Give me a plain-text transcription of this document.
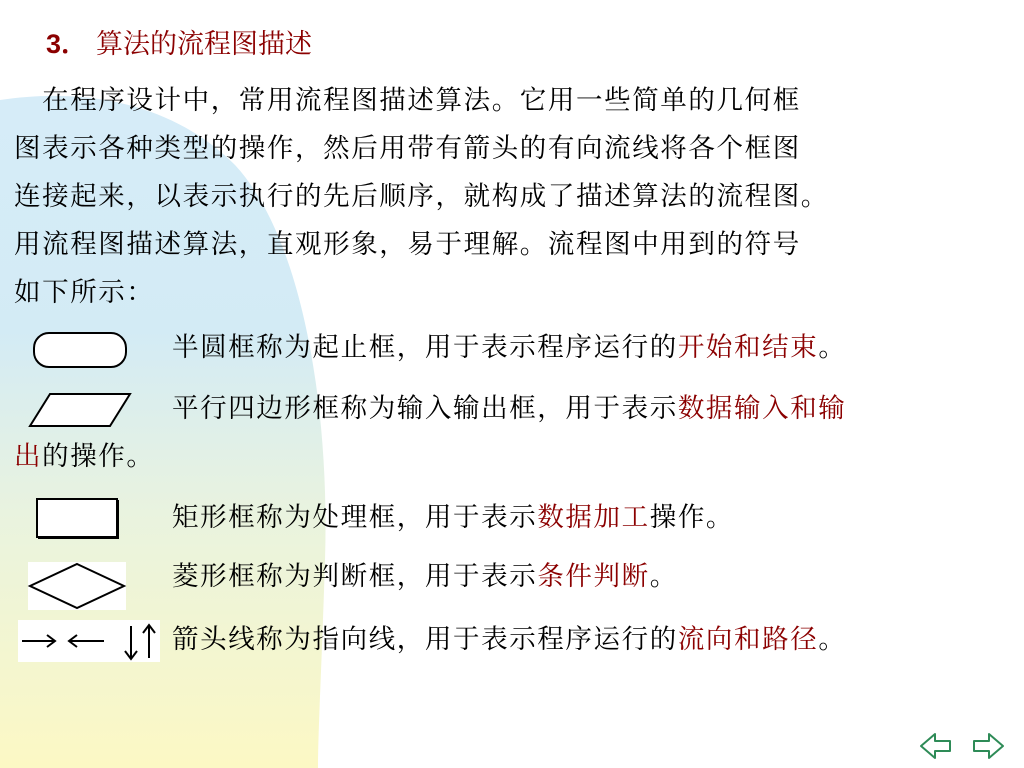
3． 算法的流程图描述
　在程序设计中，常用流程图描述算法。它用一些简单的几何框
图表示各种类型的操作，然后用带有箭头的有向流线将各个框图
连接起来，以表示执行的先后顺序，就构成了描述算法的流程图。
用流程图描述算法，直观形象，易于理解。流程图中用到的符号
如下所示：
半圆框称为起止框，用于表示程序运行的开始和结束。
平行四边形框称为输入输出框，用于表示数据输入和输
出的操作。
矩形框称为处理框，用于表示数据加工操作。
菱形框称为判断框，用于表示条件判断。
箭头线称为指向线，用于表示程序运行的流向和路径。
